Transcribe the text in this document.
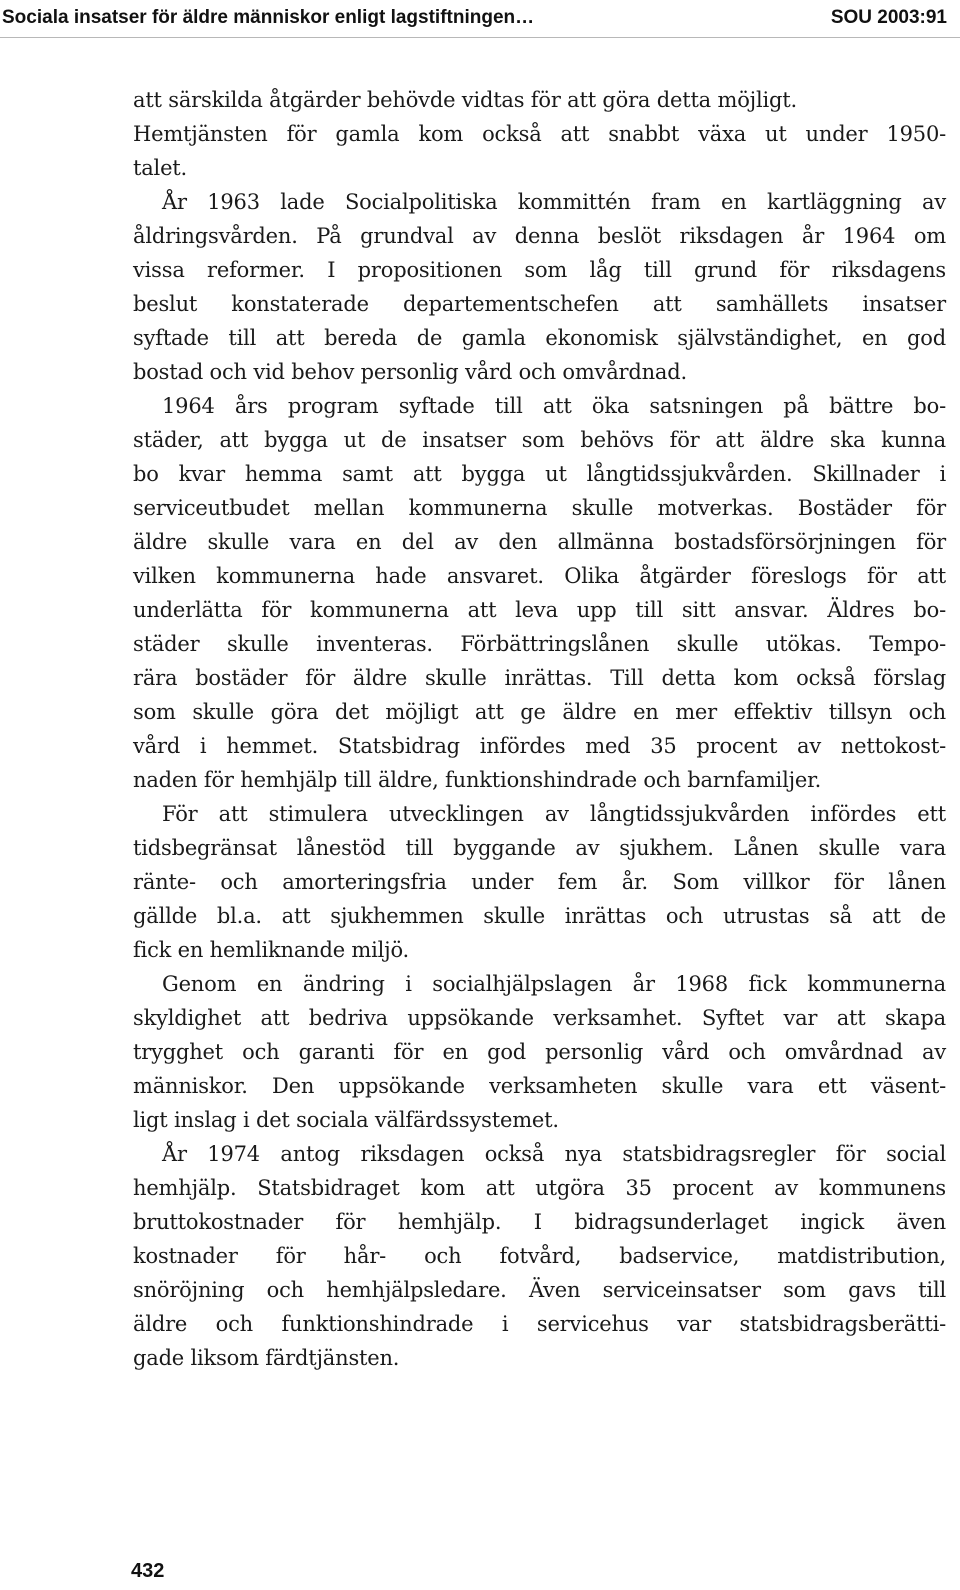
Sociala insatser för äldre människor enligt lagstiftningen…	SOU 2003:91
att särskilda åtgärder behövde vidtas för att göra detta möjligt.
Hemtjänsten för gamla kom också att snabbt växa ut under 1950-
talet.
År 1963 lade Socialpolitiska kommittén fram en kartläggning av
åldringsvården. På grundval av denna beslöt riksdagen år 1964 om
vissa reformer. I propositionen som låg till grund för riksdagens
beslut konstaterade departementschefen att samhällets insatser
syftade till att bereda de gamla ekonomisk självständighet, en god
bostad och vid behov personlig vård och omvårdnad.
1964 års program syftade till att öka satsningen på bättre bo-
städer, att bygga ut de insatser som behövs för att äldre ska kunna
bo kvar hemma samt att bygga ut långtidssjukvården. Skillnader i
serviceutbudet mellan kommunerna skulle motverkas. Bostäder för
äldre skulle vara en del av den allmänna bostadsförsörjningen för
vilken kommunerna hade ansvaret. Olika åtgärder föreslogs för att
underlätta för kommunerna att leva upp till sitt ansvar. Äldres bo-
städer skulle inventeras. Förbättringslånen skulle utökas. Tempo-
rära bostäder för äldre skulle inrättas. Till detta kom också förslag
som skulle göra det möjligt att ge äldre en mer effektiv tillsyn och
vård i hemmet. Statsbidrag infördes med 35 procent av nettokost-
naden för hemhjälp till äldre, funktionshindrade och barnfamiljer.
För att stimulera utvecklingen av långtidssjukvården infördes ett
tidsbegränsat lånestöd till byggande av sjukhem. Lånen skulle vara
ränte- och amorteringsfria under fem år. Som villkor för lånen
gällde bl.a. att sjukhemmen skulle inrättas och utrustas så att de
fick en hemliknande miljö.
Genom en ändring i socialhjälpslagen år 1968 fick kommunerna
skyldighet att bedriva uppsökande verksamhet. Syftet var att skapa
trygghet och garanti för en god personlig vård och omvårdnad av
människor. Den uppsökande verksamheten skulle vara ett väsent-
ligt inslag i det sociala välfärdssystemet.
År 1974 antog riksdagen också nya statsbidragsregler för social
hemhjälp. Statsbidraget kom att utgöra 35 procent av kommunens
bruttokostnader för hemhjälp. I bidragsunderlaget ingick även
kostnader för hår- och fotvård, badservice, matdistribution,
snöröjning och hemhjälpsledare. Även serviceinsatser som gavs till
äldre och funktionshindrade i servicehus var statsbidragsberätti-
gade liksom färdtjänsten.
432
